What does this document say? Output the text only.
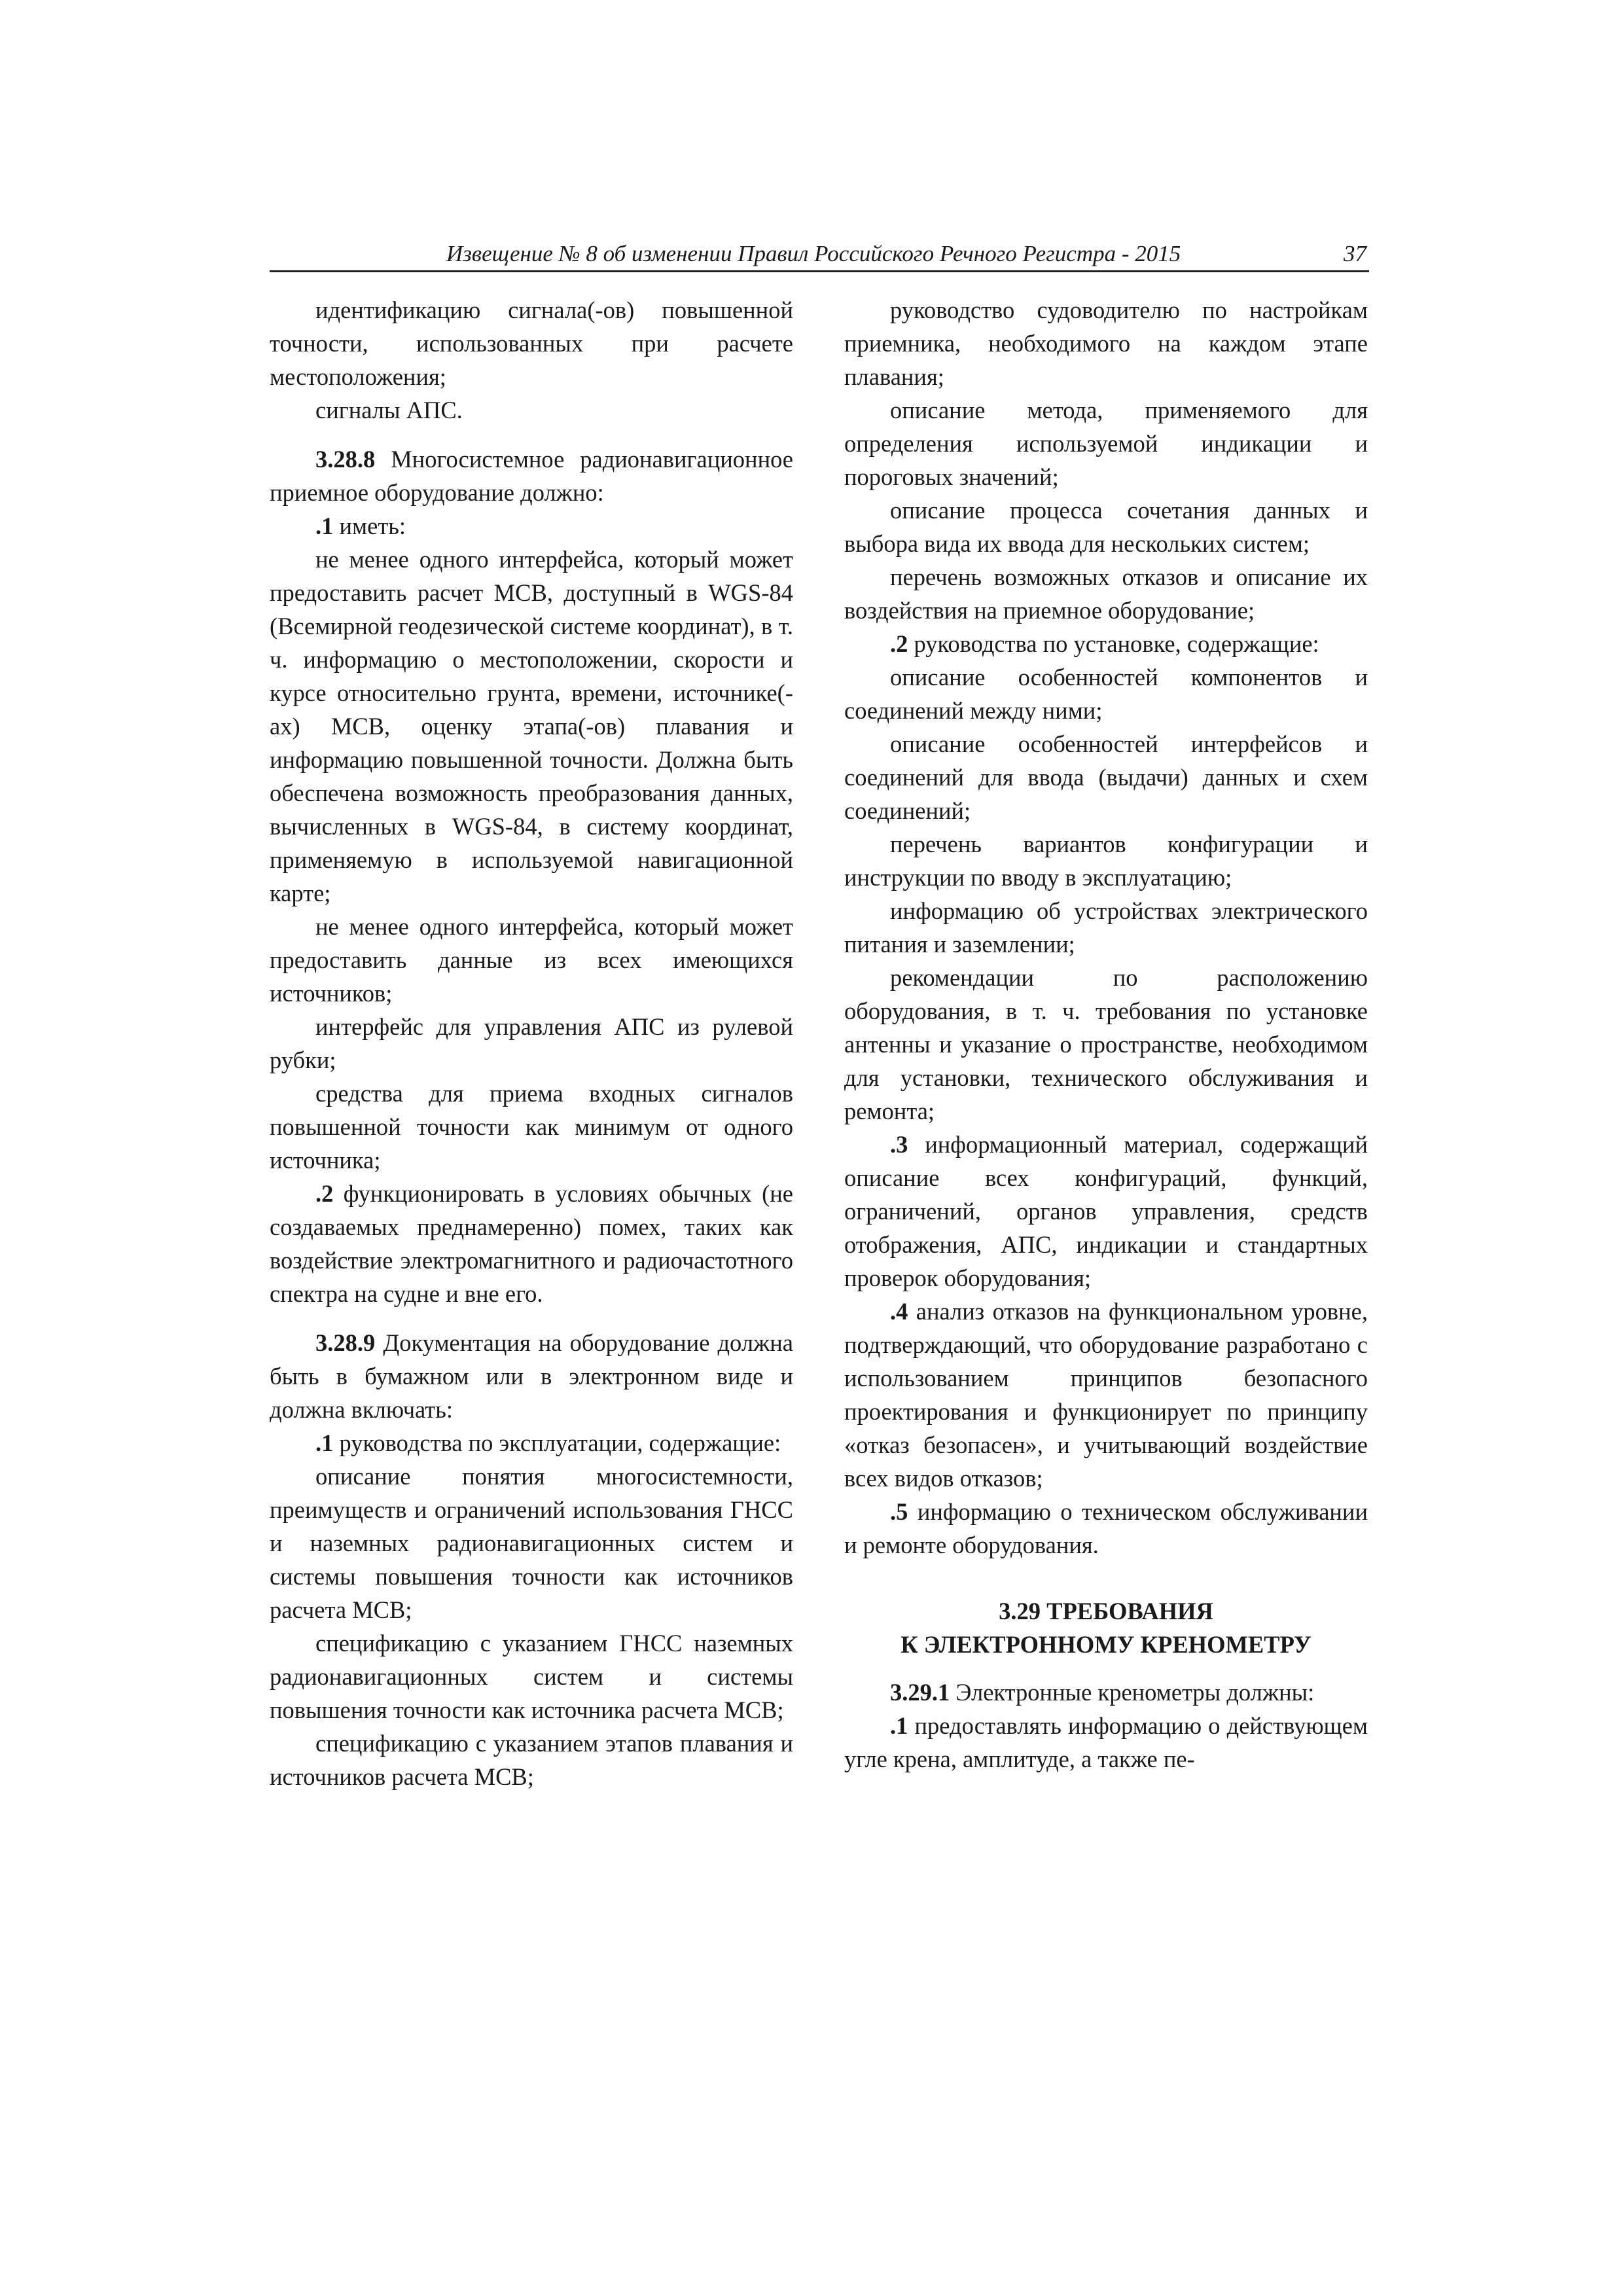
Извещение № 8 об изменении Правил Российского Речного Регистра - 2015	37

идентификацию сигнала(-ов) повышенной точности, использованных при расчете местоположения;

сигналы АПС.

3.28.8 Многосистемное радионавигационное приемное оборудование должно:

.1 иметь:

не менее одного интерфейса, который может предоставить расчет МСВ, доступный в WGS-84 (Всемирной геодезической системе координат), в т. ч. информацию о местоположении, скорости и курсе относительно грунта, времени, источнике(-ах) МСВ, оценку этапа(-ов) плавания и информацию повышенной точности. Должна быть обеспечена возможность преобразования данных, вычисленных в WGS-84, в систему координат, применяемую в используемой навигационной карте;

не менее одного интерфейса, который может предоставить данные из всех имеющихся источников;

интерфейс для управления АПС из рулевой рубки;

средства для приема входных сигналов повышенной точности как минимум от одного источника;

.2 функционировать в условиях обычных (не создаваемых преднамеренно) помех, таких как воздействие электромагнитного и радиочастотного спектра на судне и вне его.

3.28.9 Документация на оборудование должна быть в бумажном или в электронном виде и должна включать:

.1 руководства по эксплуатации, содержащие:

описание понятия многосистемности, преимуществ и ограничений использования ГНСС и наземных радионавигационных систем и системы повышения точности как источников расчета МСВ;

спецификацию с указанием ГНСС наземных радионавигационных систем и системы повышения точности как источника расчета МСВ;

спецификацию с указанием этапов плавания и источников расчета МСВ;

руководство судоводителю по настройкам приемника, необходимого на каждом этапе плавания;

описание метода, применяемого для определения используемой индикации и пороговых значений;

описание процесса сочетания данных и выбора вида их ввода для нескольких систем;

перечень возможных отказов и описание их воздействия на приемное оборудование;

.2 руководства по установке, содержащие:

описание особенностей компонентов и соединений между ними;

описание особенностей интерфейсов и соединений для ввода (выдачи) данных и схем соединений;

перечень вариантов конфигурации и инструкции по вводу в эксплуатацию;

информацию об устройствах электрического питания и заземлении;

рекомендации по расположению оборудования, в т. ч. требования по установке антенны и указание о пространстве, необходимом для установки, технического обслуживания и ремонта;

.3 информационный материал, содержащий описание всех конфигураций, функций, ограничений, органов управления, средств отображения, АПС, индикации и стандартных проверок оборудования;

.4 анализ отказов на функциональном уровне, подтверждающий, что оборудование разработано с использованием принципов безопасного проектирования и функционирует по принципу «отказ безопасен», и учитывающий воздействие всех видов отказов;

.5 информацию о техническом обслуживании и ремонте оборудования.

3.29 ТРЕБОВАНИЯ
К ЭЛЕКТРОННОМУ КРЕНОМЕТРУ

3.29.1 Электронные кренометры должны:

.1 предоставлять информацию о действующем угле крена, амплитуде, а также пе-
